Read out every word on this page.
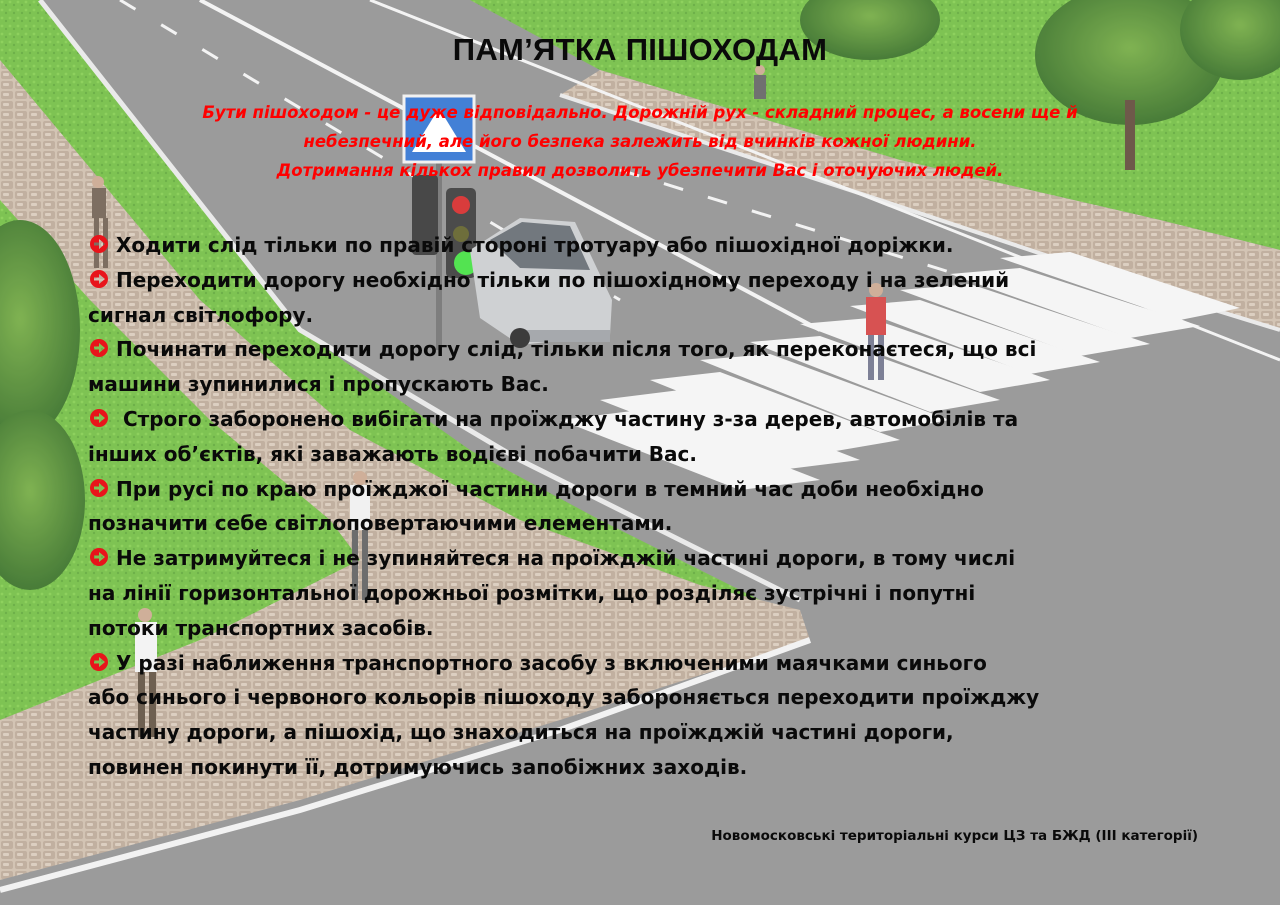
ПАМ’ЯТКА ПІШОХОДАМ
Бути пішоходом - це дуже відповідально. Дорожній рух - складний процес, а восени ще й
небезпечний, але його безпека залежить від вчинків кожної людини.
Дотримання кількох правил дозволить убезпечити Вас і оточуючих людей.
Ходити слід тільки по правій стороні тротуару або пішохідної доріжки.
Переходити дорогу необхідно тільки по пішохідному переходу і на зелений
сигнал світлофору.
Починати переходити дорогу слід, тільки після того, як переконаєтеся, що всі
машини зупинилися і пропускають Вас.
Строго заборонено вибігати на проїжджу частину з-за дерев, автомобілів та
інших об’єктів, які заважають водієві побачити Вас.
При русі по краю проїжджої частини дороги в темний час доби необхідно
позначити себе світлоповертаючими елементами.
Не затримуйтеся і не зупиняйтеся на проїжджій частині дороги, в тому числі
на лінії горизонтальної дорожньої розмітки, що розділяє зустрічні і попутні
потоки транспортних засобів.
У разі наближення транспортного засобу з включеними маячками синього
або синього і червоного кольорів пішоходу забороняється переходити проїжджу
частину дороги, а пішохід, що знаходиться на проїжджій частині дороги,
повинен покинути її, дотримуючись запобіжних заходів.
Новомосковські територіальні курси ЦЗ та БЖД (ІІІ категорії)
